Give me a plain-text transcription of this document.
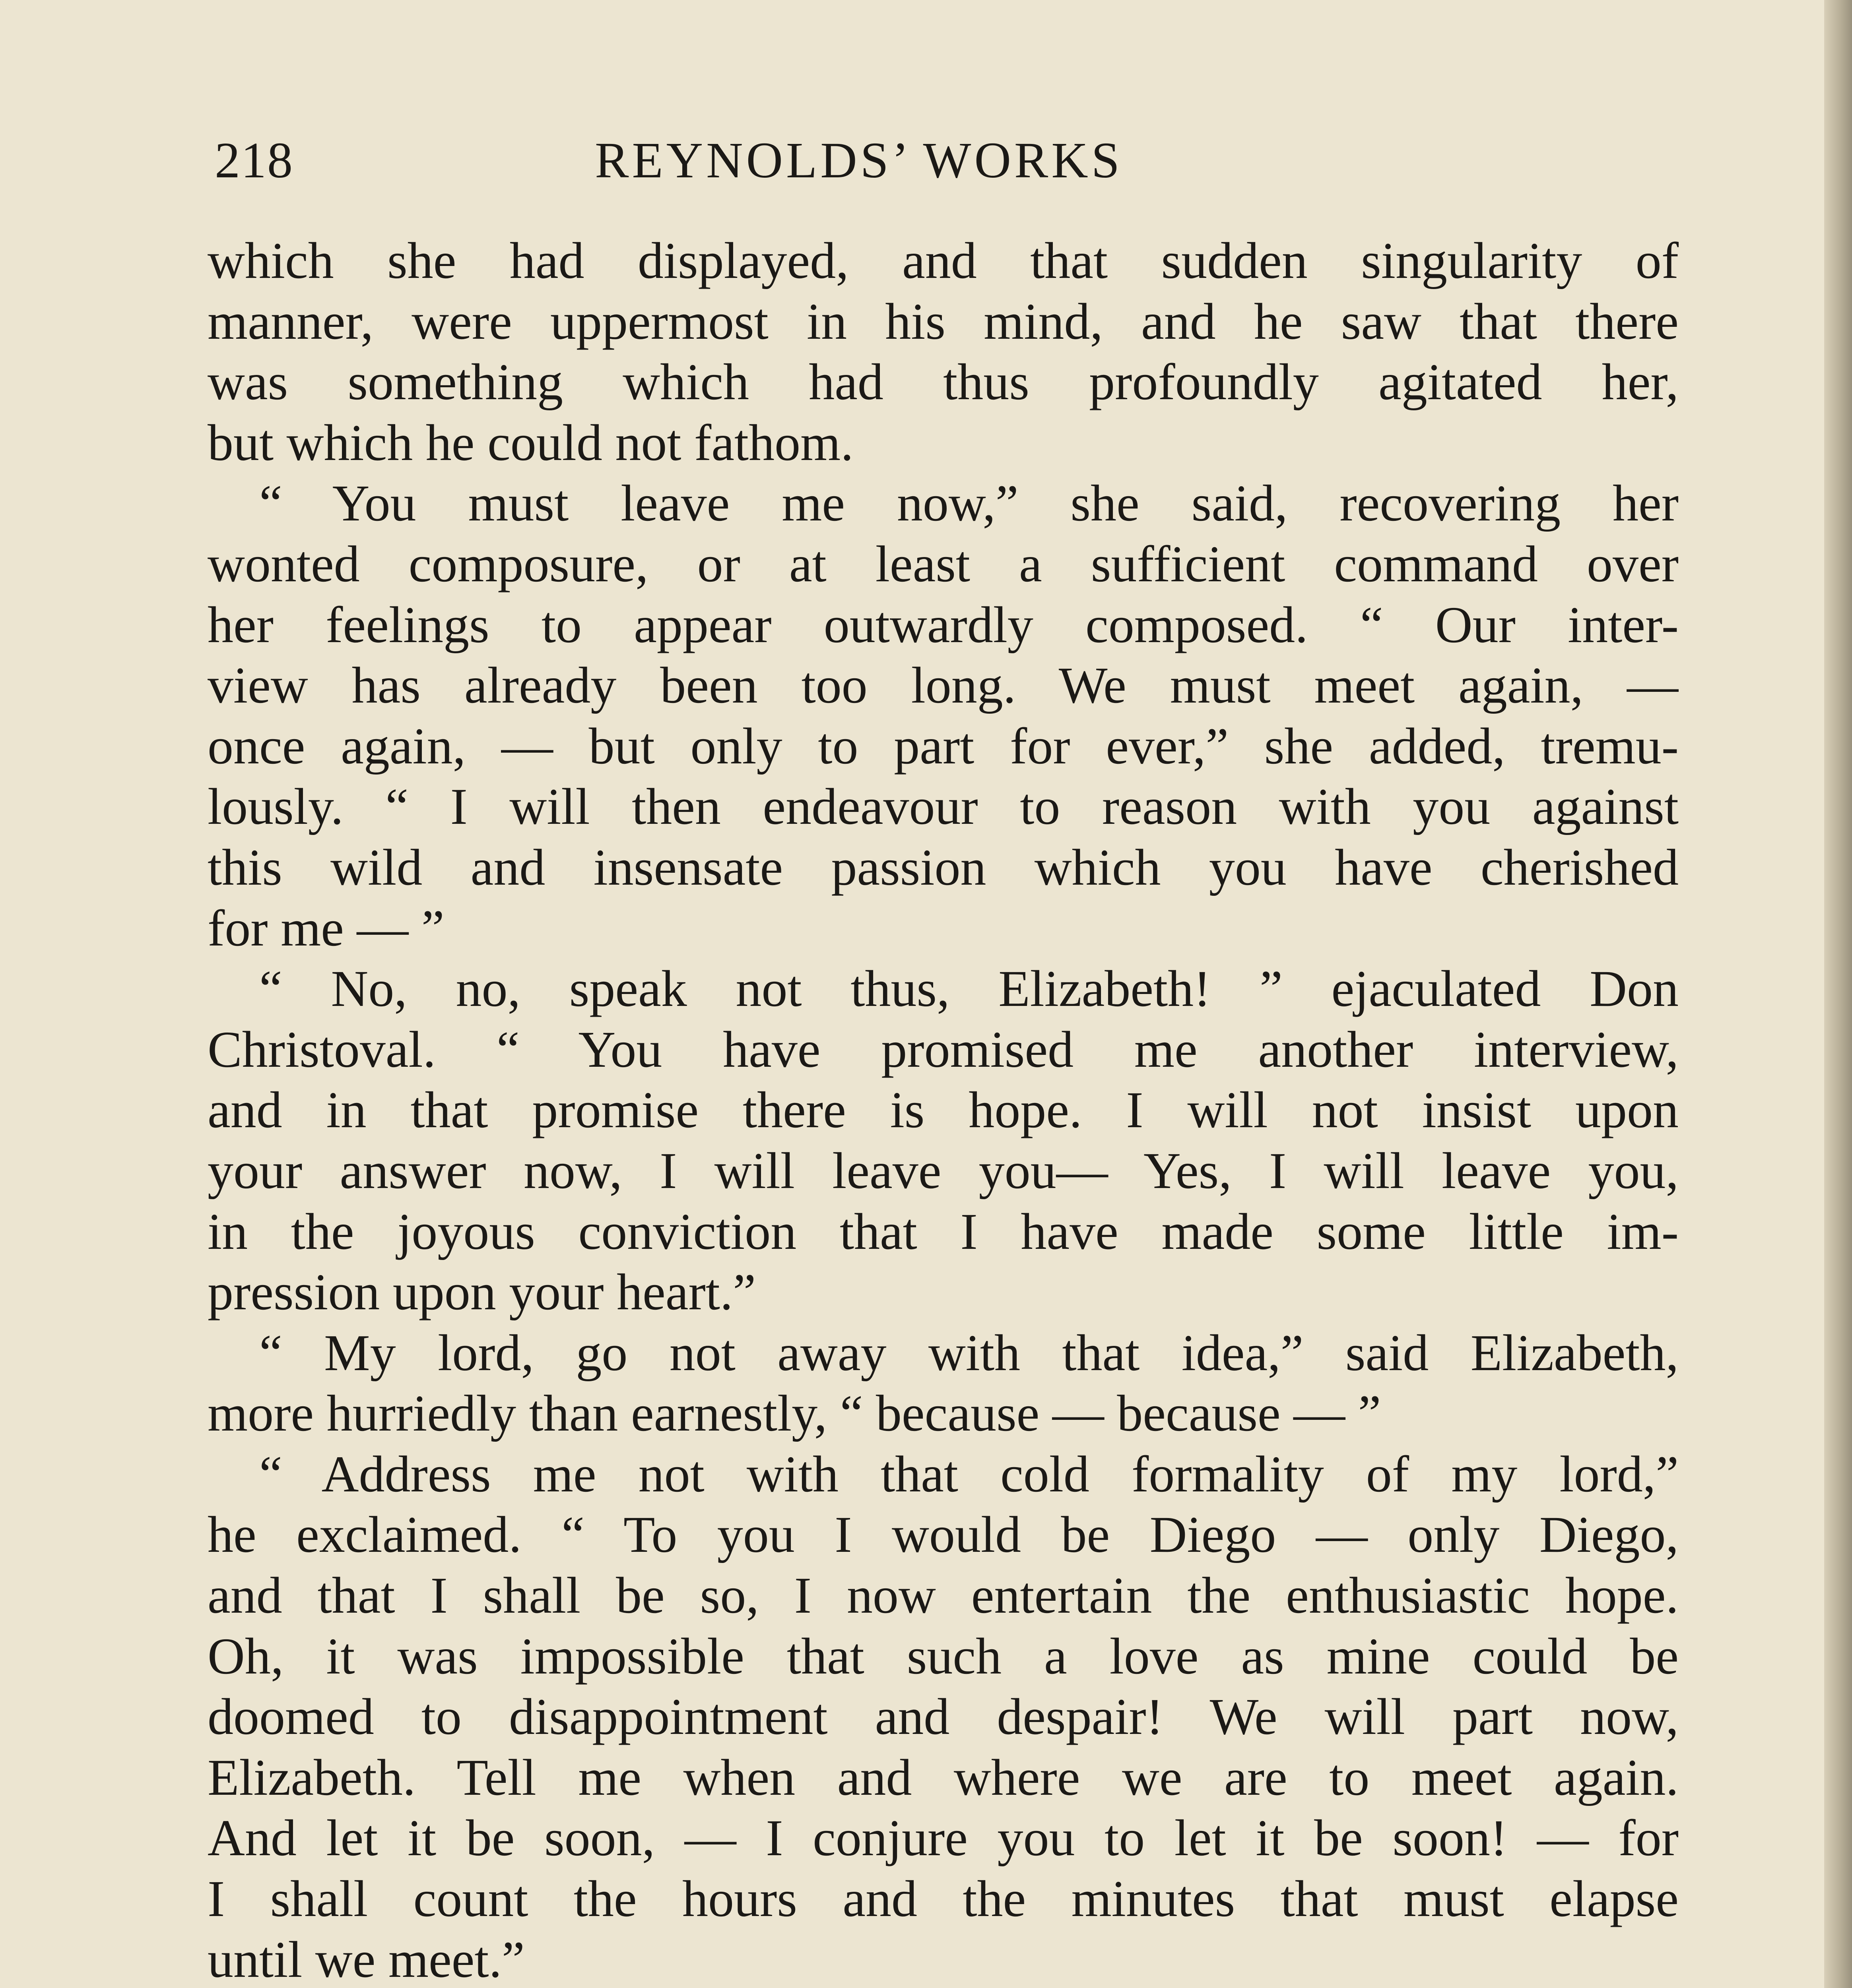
218	REYNOLDS’ WORKS
which she had displayed, and that sudden singularity of
manner, were uppermost in his mind, and he saw that there
was something which had thus profoundly agitated her,
but which he could not fathom.
“ You must leave me now,” she said, recovering her
wonted composure, or at least a sufficient command over
her feelings to appear outwardly composed. “ Our inter-
view has already been too long. We must meet again, —
once again, — but only to part for ever,” she added, tremu-
lously. “ I will then endeavour to reason with you against
this wild and insensate passion which you have cherished
for me — ”
“ No, no, speak not thus, Elizabeth! ” ejaculated Don
Christoval. “ You have promised me another interview,
and in that promise there is hope. I will not insist upon
your answer now, I will leave you— Yes, I will leave you,
in the joyous conviction that I have made some little im-
pression upon your heart.”
“ My lord, go not away with that idea,” said Elizabeth,
more hurriedly than earnestly, “ because — because — ”
“ Address me not with that cold formality of my lord,”
he exclaimed. “ To you I would be Diego — only Diego,
and that I shall be so, I now entertain the enthusiastic hope.
Oh, it was impossible that such a love as mine could be
doomed to disappointment and despair! We will part now,
Elizabeth. Tell me when and where we are to meet again.
And let it be soon, — I conjure you to let it be soon! — for
I shall count the hours and the minutes that must elapse
until we meet.”
